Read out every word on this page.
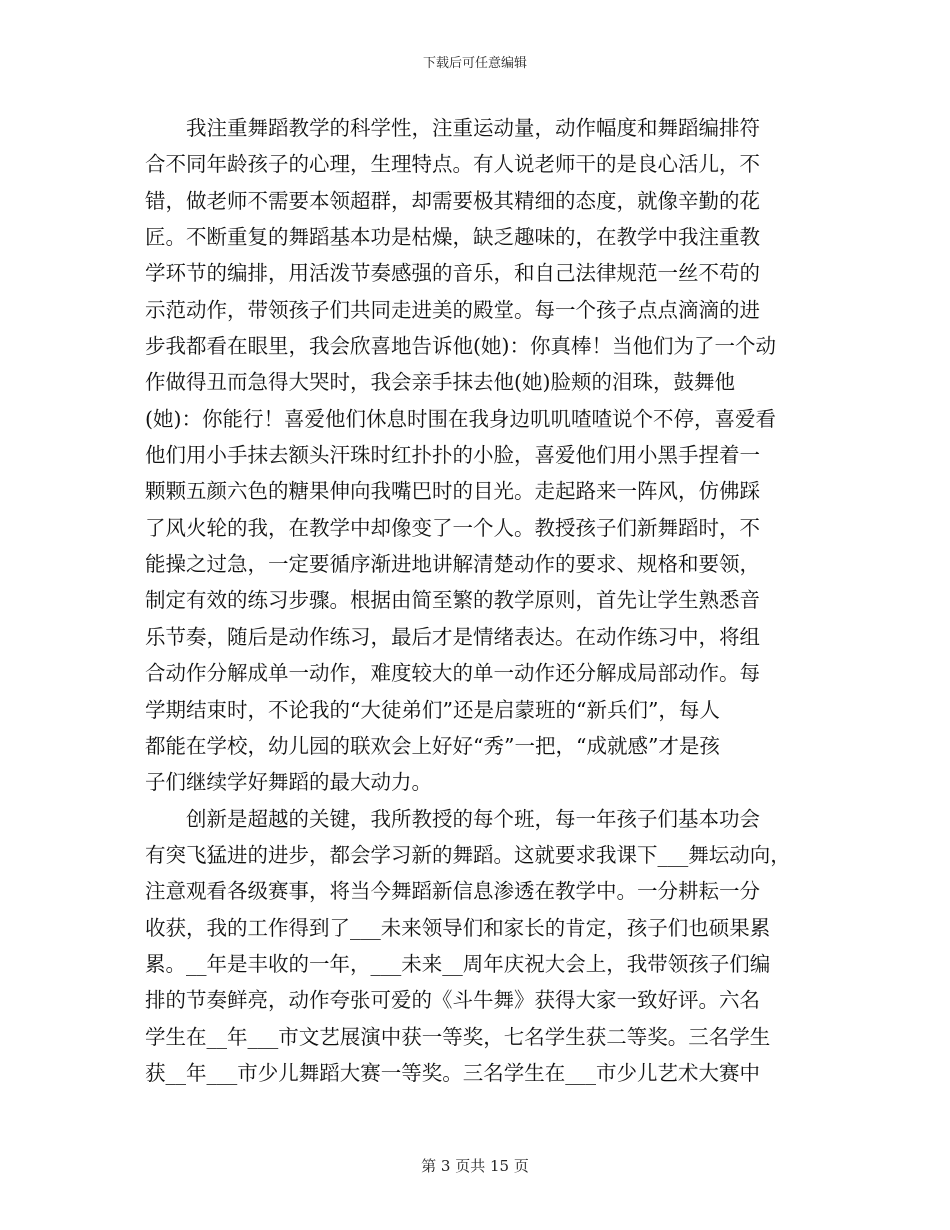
下载后可任意编辑
我注重舞蹈教学的科学性，注重运动量，动作幅度和舞蹈编排符
合不同年龄孩子的心理，生理特点。有人说老师干的是良心活儿，不
错，做老师不需要本领超群，却需要极其精细的态度，就像辛勤的花
匠。不断重复的舞蹈基本功是枯燥，缺乏趣味的，在教学中我注重教
学环节的编排，用活泼节奏感强的音乐，和自己法律规范一丝不苟的
示范动作，带领孩子们共同走进美的殿堂。每一个孩子点点滴滴的进
步我都看在眼里，我会欣喜地告诉他(她)：你真棒！当他们为了一个动
作做得丑而急得大哭时，我会亲手抹去他(她)脸颊的泪珠，鼓舞他
(她)：你能行！喜爱他们休息时围在我身边叽叽喳喳说个不停，喜爱看
他们用小手抹去额头汗珠时红扑扑的小脸，喜爱他们用小黑手捏着一
颗颗五颜六色的糖果伸向我嘴巴时的目光。走起路来一阵风，仿佛踩
了风火轮的我，在教学中却像变了一个人。教授孩子们新舞蹈时，不
能操之过急，一定要循序渐进地讲解清楚动作的要求、规格和要领，
制定有效的练习步骤。根据由简至繁的教学原则，首先让学生熟悉音
乐节奏，随后是动作练习，最后才是情绪表达。在动作练习中，将组
合动作分解成单一动作，难度较大的单一动作还分解成局部动作。每
学期结束时，不论我的“大徒弟们”还是启蒙班的“新兵们”，每人
都能在学校，幼儿园的联欢会上好好“秀”一把，“成就感”才是孩
子们继续学好舞蹈的最大动力。
创新是超越的关键，我所教授的每个班，每一年孩子们基本功会
有突飞猛进的进步，都会学习新的舞蹈。这就要求我课下___舞坛动向，
注意观看各级赛事，将当今舞蹈新信息渗透在教学中。一分耕耘一分
收获，我的工作得到了___未来领导们和家长的肯定，孩子们也硕果累
累。__年是丰收的一年，___未来__周年庆祝大会上，我带领孩子们编
排的节奏鲜亮，动作夸张可爱的《斗牛舞》获得大家一致好评。六名
学生在__年___市文艺展演中获一等奖，七名学生获二等奖。三名学生
获__年___市少儿舞蹈大赛一等奖。三名学生在___市少儿艺术大赛中
第 3 页共 15 页
